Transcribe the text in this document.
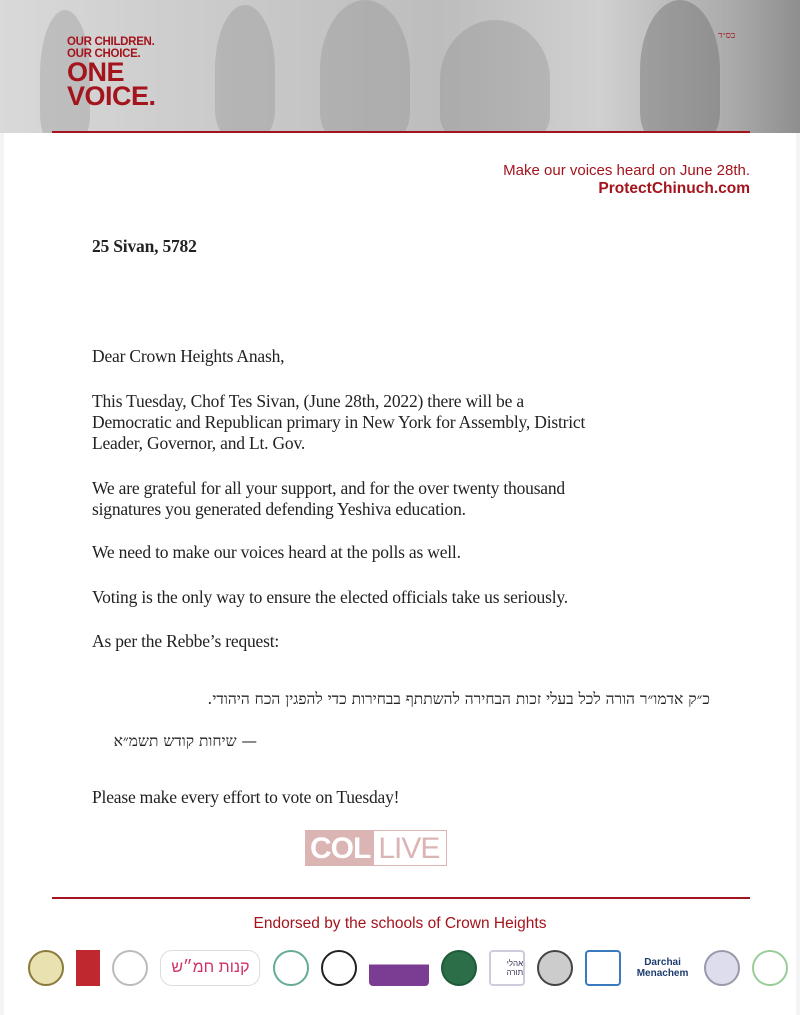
OUR CHILDREN.
OUR CHOICE.
ONE
VOICE.
בס״ד
Make our voices heard on June 28th.
ProtectChinuch.com
25 Sivan, 5782
Dear Crown Heights Anash,
This Tuesday, Chof Tes Sivan, (June 28th, 2022) there will be a
Democratic and Republican primary in New York for Assembly, District
Leader, Governor, and Lt. Gov.
We are grateful for all your support, and for the over twenty thousand
signatures you generated defending Yeshiva education.
We need to make our voices heard at the polls as well.
Voting is the only way to ensure the elected officials take us seriously.
As per the Rebbe’s request:
כ״ק אדמו״ר הורה לכל בעלי זכות הבחירה להשתתף בבחירות כדי להפגין הכח היהודי.
— שיחות קודש תשמ״א
Please make every effort to vote on Tuesday!
COL LIVE
Endorsed by the schools of Crown Heights
קנות חמ״ש	אהלי תורה
Darchai Menachem
